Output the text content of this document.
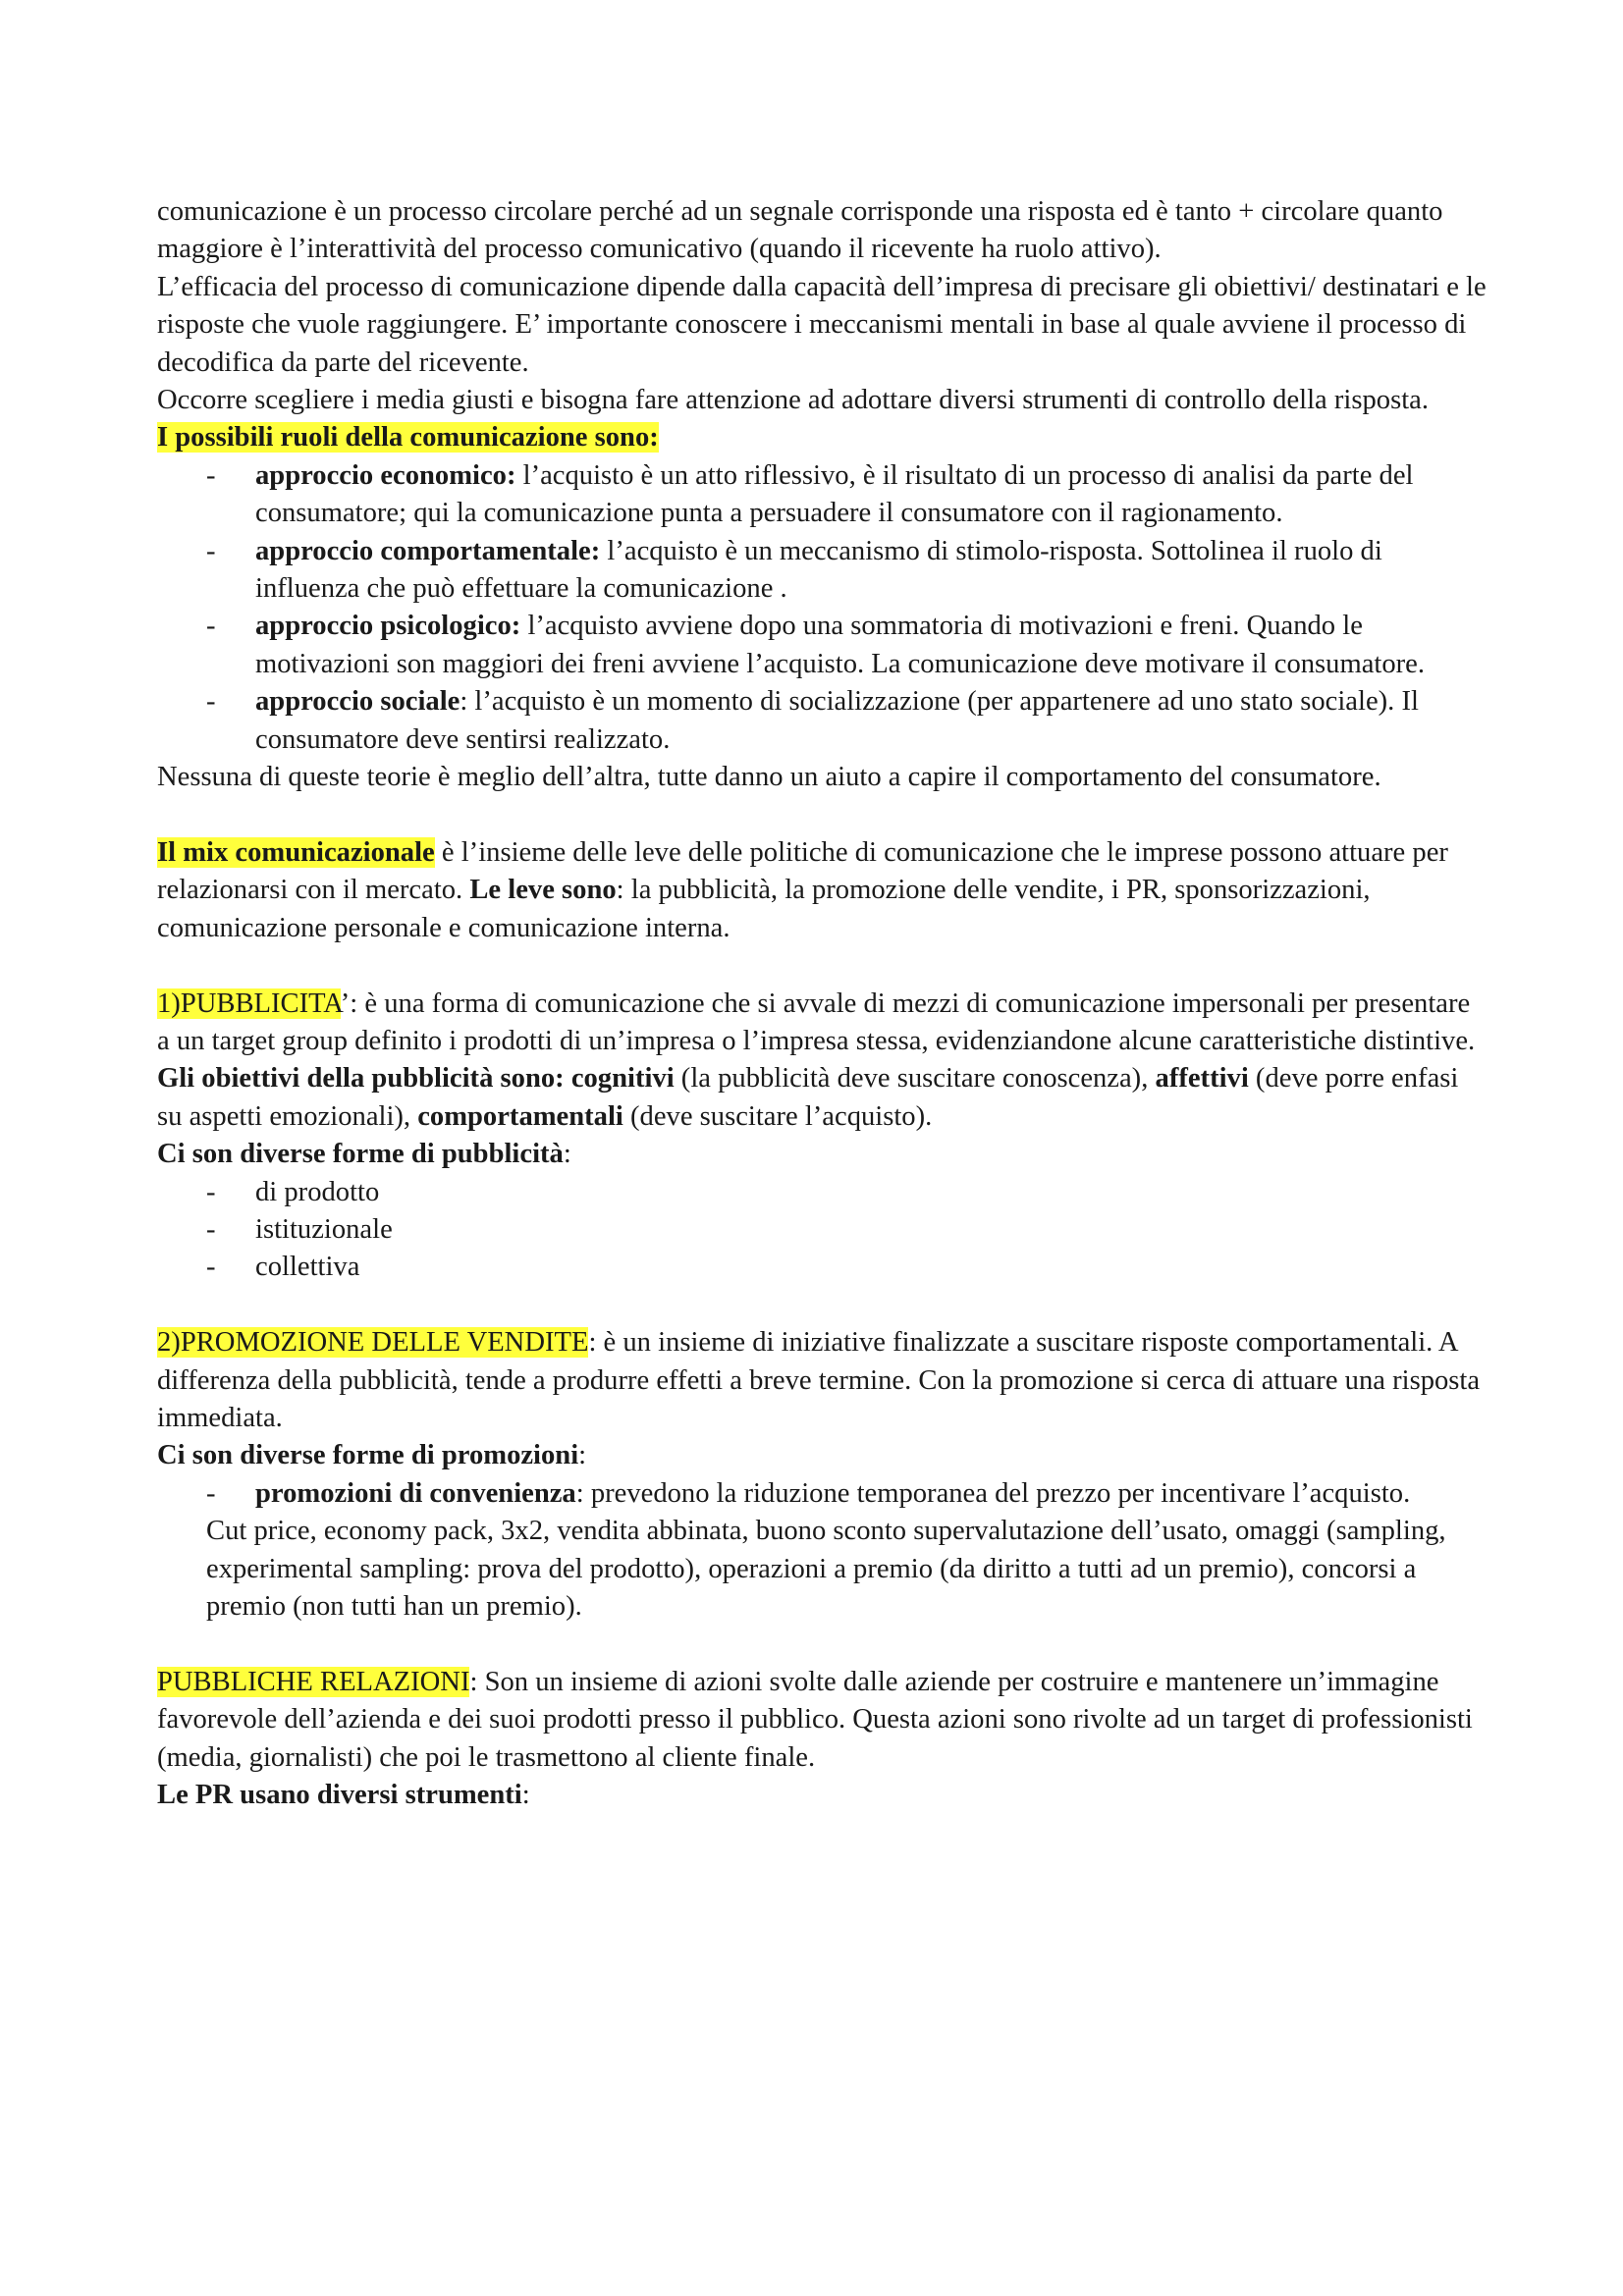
comunicazione è un processo circolare perché ad un segnale corrisponde una risposta ed è tanto + circolare quanto maggiore è l’interattività del processo comunicativo (quando il ricevente ha ruolo attivo).

L’efficacia del processo di comunicazione dipende dalla capacità dell’impresa di precisare gli obiettivi/ destinatari e le risposte che vuole raggiungere. E’ importante conoscere i meccanismi mentali in base al quale avviene il processo di decodifica da parte del ricevente.

Occorre scegliere i media giusti e bisogna fare attenzione ad adottare diversi strumenti di controllo della risposta.

I possibili ruoli della comunicazione sono:

- approccio economico: l’acquisto è un atto riflessivo, è il risultato di un processo di analisi da parte del consumatore; qui la comunicazione punta a persuadere il consumatore con il ragionamento.
- approccio comportamentale: l’acquisto è un meccanismo di stimolo-risposta. Sottolinea il ruolo di influenza che può effettuare la comunicazione .
- approccio psicologico: l’acquisto avviene dopo una sommatoria di motivazioni e freni. Quando le motivazioni son maggiori dei freni avviene l’acquisto. La comunicazione deve motivare il consumatore.
- approccio sociale: l’acquisto è un momento di socializzazione (per appartenere ad uno stato sociale). Il consumatore deve sentirsi realizzato.

Nessuna di queste teorie è meglio dell’altra, tutte danno un aiuto a capire il comportamento del consumatore.

Il mix comunicazionale è l’insieme delle leve delle politiche di comunicazione che le imprese possono attuare per relazionarsi con il mercato. Le leve sono: la pubblicità, la promozione delle vendite, i PR, sponsorizzazioni, comunicazione personale e comunicazione interna.

1)PUBBLICITA’: è una forma di comunicazione che si avvale di mezzi di comunicazione impersonali per presentare a un target group definito i prodotti di un’impresa o l’impresa stessa, evidenziandone alcune caratteristiche distintive. Gli obiettivi della pubblicità sono: cognitivi (la pubblicità deve suscitare conoscenza), affettivi (deve porre enfasi su aspetti emozionali), comportamentali (deve suscitare l’acquisto).

Ci son diverse forme di pubblicità:

- di prodotto
- istituzionale
- collettiva

2)PROMOZIONE DELLE VENDITE: è un insieme di iniziative finalizzate a suscitare risposte comportamentali. A differenza della pubblicità, tende a produrre effetti a breve termine. Con la promozione si cerca di attuare una risposta immediata.

Ci son diverse forme di promozioni:

- promozioni di convenienza: prevedono la riduzione temporanea del prezzo per incentivare l’acquisto.

Cut price, economy pack, 3x2, vendita abbinata, buono sconto supervalutazione dell’usato, omaggi (sampling, experimental sampling: prova del prodotto), operazioni a premio (da diritto a tutti ad un premio), concorsi a premio (non tutti han un premio).

PUBBLICHE RELAZIONI: Son un insieme di azioni svolte dalle aziende per costruire e mantenere un’immagine favorevole dell’azienda e dei suoi prodotti presso il pubblico. Questa azioni sono rivolte ad un target di professionisti (media, giornalisti) che poi le trasmettono al cliente finale.

Le PR usano diversi strumenti:
